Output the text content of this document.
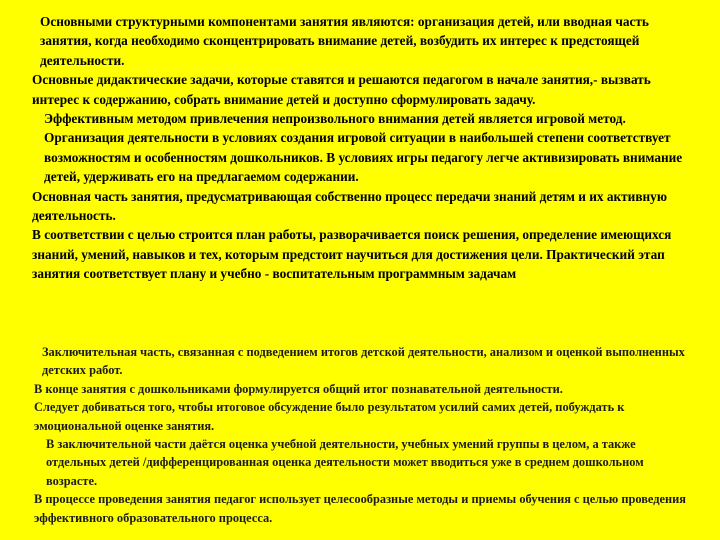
Основными структурными компонентами занятия являются: организация детей, или вводная часть занятия, когда необходимо сконцентрировать внимание детей, возбудить их интерес к предстоящей деятельности.

Основные дидактические задачи, которые ставятся и решаются педагогом в начале занятия,- вызвать интерес к содержанию, собрать внимание детей и доступно сформулировать задачу.

Эффективным методом привлечения непроизвольного внимания детей является игровой метод. Организация деятельности в условиях создания игровой ситуации в наибольшей степени соответствует возможностям и особенностям дошкольников. В условиях игры педагогу легче активизировать внимание детей, удерживать его на предлагаемом содержании.

Основная часть занятия, предусматривающая собственно процесс передачи знаний детям и их активную деятельность.

В соответствии с целью строится план работы, разворачивается поиск решения, определение имеющихся знаний, умений, навыков и тех, которым предстоит научиться для достижения цели. Практический этап занятия соответствует плану и учебно - воспитательным программным задачам

Заключительная часть, связанная с подведением итогов детской деятельности, анализом и оценкой выполненных детских работ.

В конце занятия с дошкольниками формулируется общий итог познавательной деятельности.

Следует добиваться того, чтобы итоговое обсуждение было результатом усилий самих детей, побуждать к эмоциональной оценке занятия.

В заключительной части даётся оценка учебной деятельности, учебных умений группы в целом, а также отдельных детей /дифференцированная оценка деятельности может вводиться уже в среднем дошкольном возрасте.

В процессе проведения занятия педагог использует целесообразные методы и приемы обучения с целью проведения эффективного образовательного процесса.
